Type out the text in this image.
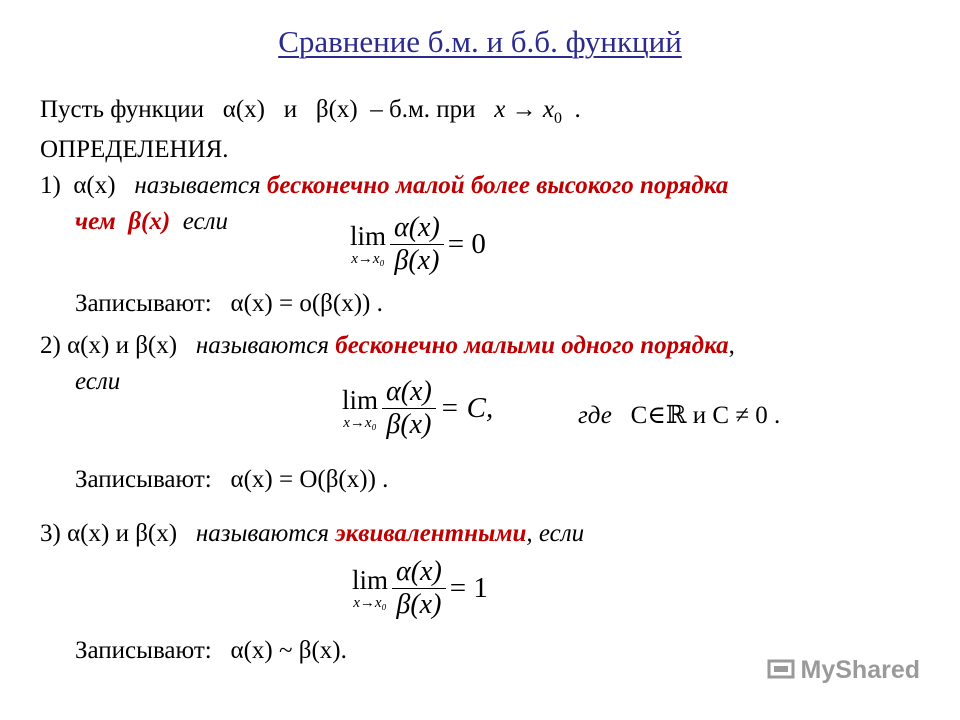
Сравнение б.м. и б.б. функций
Пусть функции α(x) и β(x) – б.м. при $x \to x_0$ .
ОПРЕДЕЛЕНИЯ.
1) α(x) называется бесконечно малой более высокого порядка
чем β(x) если	lim
x→x₀
$\frac{\alpha(x)}{\beta(x)} = 0$
Записывают: α(x) = o(β(x)) .
2) α(x) и β(x) называются бесконечно малыми одного порядка,
если
lim
x→x₀
$\frac{\alpha(x)}{\beta(x)} = C$,	где C∈ℝ и C ≠ 0 .
Записывают: α(x) = O(β(x)) .
3) α(x) и β(x) называются эквивалентными, если
lim
x→x₀
$\frac{\alpha(x)}{\beta(x)} = 1$
Записывают: α(x) ~ β(x).
MyShared
